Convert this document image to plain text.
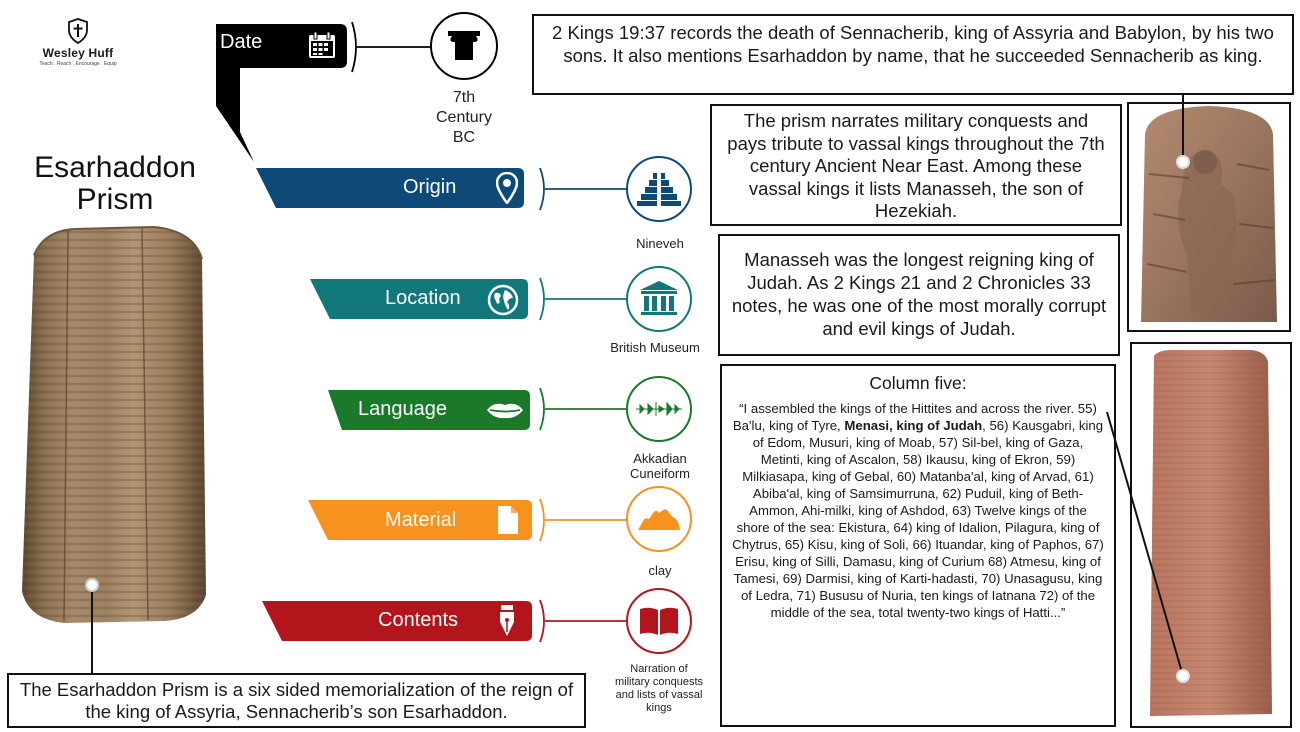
Wesley Huff
Teach . Reach . Encourage . Equip
Esarhaddon
Prism
The Esarhaddon Prism is a six sided memorialization of the reign of the king of Assyria, Sennacherib’s son Esarhaddon.
Date
7th
Century
BC
Origin
Nineveh
Location
British Museum
Language
Akkadian
Cuneiform
Material
clay
Contents
Narration of
military conquests
and lists of vassal
kings
2 Kings 19:37 records the death of Sennacherib, king of Assyria and Babylon, by his two sons. It also mentions Esarhaddon by name, that he succeeded Sennacherib as king.
The prism narrates military conquests and pays tribute to vassal kings throughout the 7th century Ancient Near East. Among these vassal kings it lists Manasseh, the son of Hezekiah.
Manasseh was the longest reigning king of Judah. As 2 Kings 21 and 2 Chronicles 33 notes, he was one of the most morally corrupt and evil kings of Judah.
Column five:
“I assembled the kings of the Hittites and across the river. 55) Ba'lu, king of Tyre, Menasi, king of Judah, 56) Kausgabri, king of Edom, Musuri, king of Moab, 57) Sil-bel, king of Gaza, Metinti, king of Ascalon, 58) Ikausu, king of Ekron, 59) Milkiasapa, king of Gebal, 60) Matanba'al, king of Arvad, 61) Abiba'al, king of Samsimurruna, 62) Puduil, king of Beth-Ammon, Ahi-milki, king of Ashdod, 63) Twelve kings of the shore of the sea: Ekistura, 64) king of Idalion, Pilagura, king of Chytrus, 65) Kisu, king of Soli, 66) Ituandar, king of Paphos, 67) Erisu, king of Silli, Damasu, king of Curium 68) Atmesu, king of Tamesi, 69) Darmisi, king of Karti-hadasti, 70) Unasagusu, king of Ledra, 71) Bususu of Nuria, ten kings of Iatnana 72) of the middle of the sea, total twenty-two kings of Hatti...”
